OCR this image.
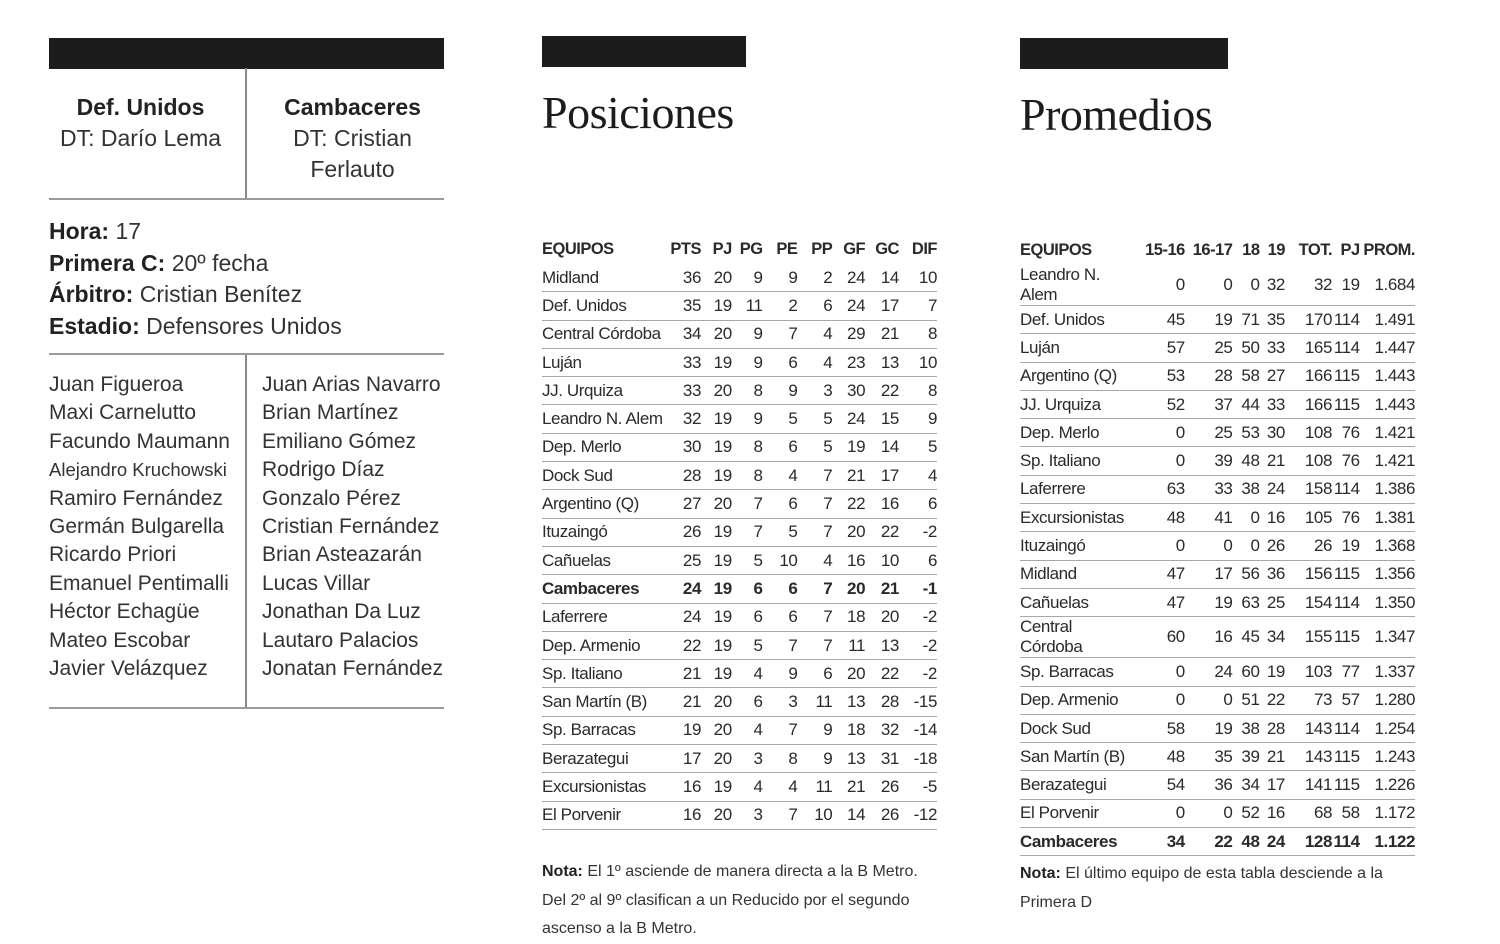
Def. Unidos
DT: Darío Lema
Cambaceres
DT: Cristian Ferlauto
Hora: 17
Primera C: 20º fecha
Árbitro: Cristian Benítez
Estadio: Defensores Unidos
Juan Figueroa
Maxi Carnelutto
Facundo Maumann
Alejandro Kruchowski
Ramiro Fernández
Germán Bulgarella
Ricardo Priori
Emanuel Pentimalli
Héctor Echagüe
Mateo Escobar
Javier Velázquez
Juan Arias Navarro
Brian Martínez
Emiliano Gómez
Rodrigo Díaz
Gonzalo Pérez
Cristian Fernández
Brian Asteazarán
Lucas Villar
Jonathan Da Luz
Lautaro Palacios
Jonatan Fernández
Posiciones
EQUIPOS	PTS	PJ	PG	PE	PP	GF	GC	DIF
Midland	36	20	9	9	2	24	14	10
Def. Unidos	35	19	11	2	6	24	17	7
Central Córdoba	34	20	9	7	4	29	21	8
Luján	33	19	9	6	4	23	13	10
JJ. Urquiza	33	20	8	9	3	30	22	8
Leandro N. Alem	32	19	9	5	5	24	15	9
Dep. Merlo	30	19	8	6	5	19	14	5
Dock Sud	28	19	8	4	7	21	17	4
Argentino (Q)	27	20	7	6	7	22	16	6
Ituzaingó	26	19	7	5	7	20	22	-2
Cañuelas	25	19	5	10	4	16	10	6
Cambaceres	24	19	6	6	7	20	21	-1
Laferrere	24	19	6	6	7	18	20	-2
Dep. Armenio	22	19	5	7	7	11	13	-2
Sp. Italiano	21	19	4	9	6	20	22	-2
San Martín (B)	21	20	6	3	11	13	28	-15
Sp. Barracas	19	20	4	7	9	18	32	-14
Berazategui	17	20	3	8	9	13	31	-18
Excursionistas	16	19	4	4	11	21	26	-5
El Porvenir	16	20	3	7	10	14	26	-12
Nota: El 1º asciende de manera directa a la B Metro.
Del 2º al 9º clasifican a un Reducido por el segundo
ascenso a la B Metro.
Promedios
EQUIPOS	15-16	16-17	18	19	TOT.	PJ	PROM.
Leandro N. Alem	0	0	0	32	32	19	1.684
Def. Unidos	45	19	71	35	170	114	1.491
Luján	57	25	50	33	165	114	1.447
Argentino (Q)	53	28	58	27	166	115	1.443
JJ. Urquiza	52	37	44	33	166	115	1.443
Dep. Merlo	0	25	53	30	108	76	1.421
Sp. Italiano	0	39	48	21	108	76	1.421
Laferrere	63	33	38	24	158	114	1.386
Excursionistas	48	41	0	16	105	76	1.381
Ituzaingó	0	0	0	26	26	19	1.368
Midland	47	17	56	36	156	115	1.356
Cañuelas	47	19	63	25	154	114	1.350
Central Córdoba	60	16	45	34	155	115	1.347
Sp. Barracas	0	24	60	19	103	77	1.337
Dep. Armenio	0	0	51	22	73	57	1.280
Dock Sud	58	19	38	28	143	114	1.254
San Martín (B)	48	35	39	21	143	115	1.243
Berazategui	54	36	34	17	141	115	1.226
El Porvenir	0	0	52	16	68	58	1.172
Cambaceres	34	22	48	24	128	114	1.122
Nota: El último equipo de esta tabla desciende a la
Primera D
